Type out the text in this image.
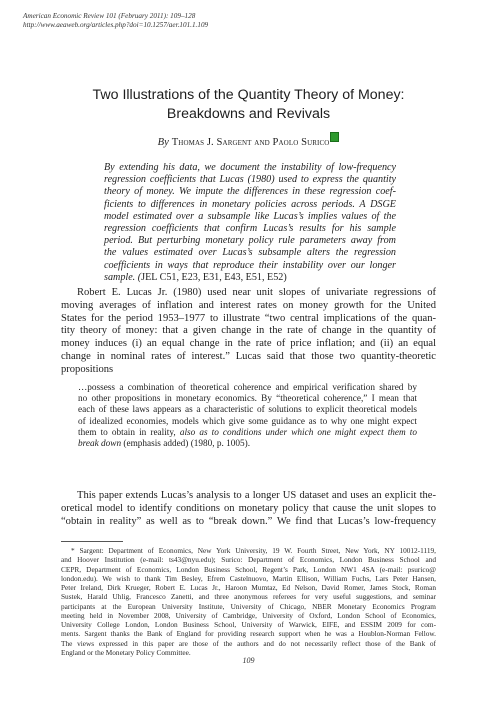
American Economic Review 101 (February 2011): 109–128
http://www.aeaweb.org/articles.php?doi=10.1257/aer.101.1.109
Two Illustrations of the Quantity Theory of Money:
Breakdowns and Revivals
By Thomas J. Sargent and Paolo Surico
By extending his data, we document the instability of low-frequency
regression coefficients that Lucas (1980) used to express the quantity
theory of money. We impute the differences in these regression coef-
ficients to differences in monetary policies across periods. A DSGE
model estimated over a subsample like Lucas’s implies values of the
regression coefficients that confirm Lucas’s results for his sample
period. But perturbing monetary policy rule parameters away from
the values estimated over Lucas’s subsample alters the regression
coefficients in ways that reproduce their instability over our longer
sample. (JEL C51, E23, E31, E43, E51, E52)
Robert E. Lucas Jr. (1980) used near unit slopes of univariate regressions of
moving averages of inflation and interest rates on money growth for the United
States for the period 1953–1977 to illustrate “two central implications of the quan-
tity theory of money: that a given change in the rate of change in the quantity of
money induces (i) an equal change in the rate of price inflation; and (ii) an equal
change in nominal rates of interest.” Lucas said that those two quantity-theoretic
propositions
…possess a combination of theoretical coherence and empirical verification shared by
no other propositions in monetary economics. By “theoretical coherence,” I mean that
each of these laws appears as a characteristic of solutions to explicit theoretical models
of idealized economies, models which give some guidance as to why one might expect
them to obtain in reality, also as to conditions under which one might expect them to
break down (emphasis added) (1980, p. 1005).
This paper extends Lucas’s analysis to a longer US dataset and uses an explicit the-
oretical model to identify conditions on monetary policy that cause the unit slopes to
“obtain in reality” as well as to “break down.” We find that Lucas’s low-frequency
* Sargent: Department of Economics, New York University, 19 W. Fourth Street, New York, NY 10012-1119,
and Hoover Institution (e-mail: ts43@nyu.edu); Surico: Department of Economics, London Business School and
CEPR, Department of Economics, London Business School, Regent’s Park, London NW1 4SA (e-mail: psurico@
london.edu). We wish to thank Tim Besley, Efrem Castelnuovo, Martin Ellison, William Fuchs, Lars Peter Hansen,
Peter Ireland, Dirk Krueger, Robert E. Lucas Jr., Haroon Mumtaz, Ed Nelson, David Romer, James Stock, Roman
Sustek, Harald Uhlig, Francesco Zanetti, and three anonymous referees for very useful suggestions, and seminar
participants at the European University Institute, University of Chicago, NBER Monetary Economics Program
meeting held in November 2008, University of Cambridge, University of Oxford, London School of Economics,
University College London, London Business School, University of Warwick, EIFE, and ESSIM 2009 for com-
ments. Sargent thanks the Bank of England for providing research support when he was a Houblon-Norman Fellow.
The views expressed in this paper are those of the authors and do not necessarily reflect those of the Bank of
England or the Monetary Policy Committee.
109
